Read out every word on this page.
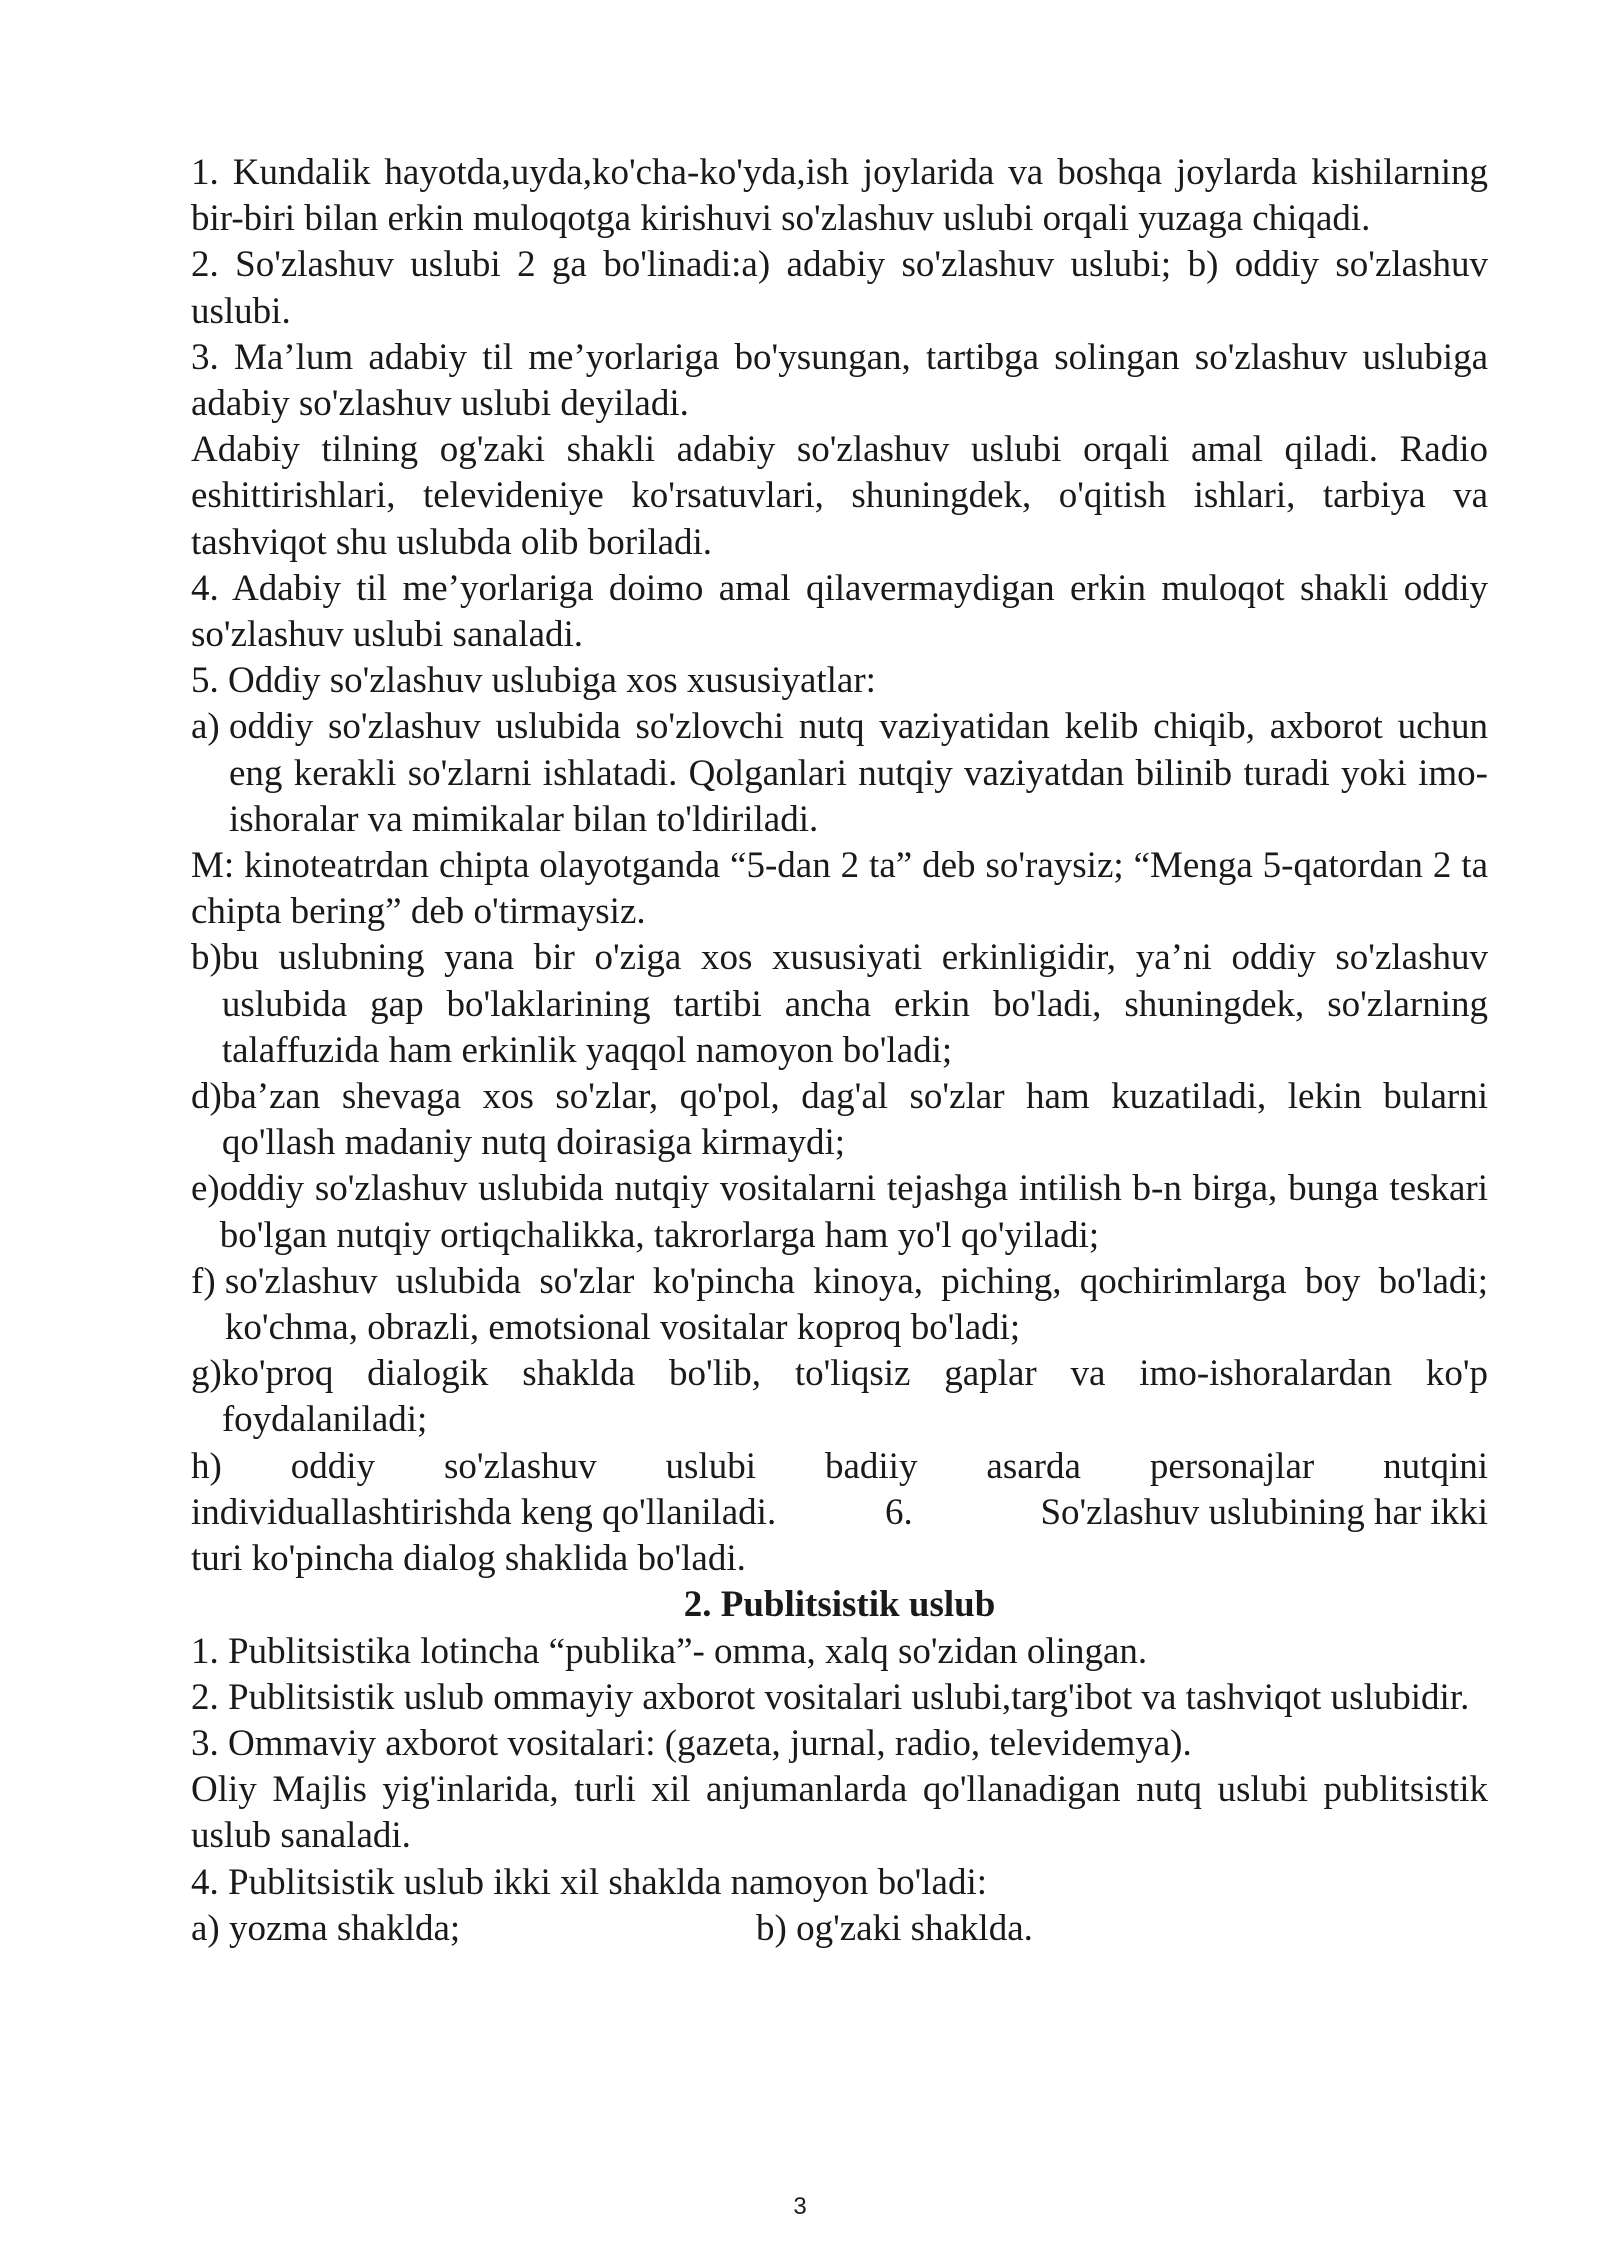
1. Kundalik hayotda,uyda,ko'cha-ko'yda,ish joylarida va boshqa joylarda kishilarning bir-biri bilan erkin muloqotga kirishuvi so'zlashuv uslubi orqali yuzaga chiqadi.

2. So'zlashuv uslubi 2 ga bo'linadi:a) adabiy so'zlashuv uslubi; b) oddiy so'zlashuv uslubi.

3. Ma’lum adabiy til me’yorlariga bo'ysungan, tartibga solingan so'zlashuv uslubiga adabiy so'zlashuv uslubi deyiladi.

Adabiy tilning og'zaki shakli adabiy so'zlashuv uslubi orqali amal qiladi. Radio eshittirishlari, televideniye ko'rsatuvlari, shuningdek, o'qitish ishlari, tarbiya va tashviqot shu uslubda olib boriladi.

4. Adabiy til me’yorlariga doimo amal qilavermaydigan erkin muloqot shakli oddiy so'zlashuv uslubi sanaladi.

5. Oddiy so'zlashuv uslubiga xos xususiyatlar:

a)
oddiy so'zlashuv uslubida so'zlovchi nutq vaziyatidan kelib chiqib, axborot uchun eng kerakli so'zlarni ishlatadi. Qolganlari nutqiy vaziyatdan bilinib turadi yoki imo-ishoralar va mimikalar bilan to'ldiriladi.

M: kinoteatrdan chipta olayotganda “5-dan 2 ta” deb so'raysiz; “Menga 5-qatordan 2 ta chipta bering” deb o'tirmaysiz.

b) bu uslubning yana bir o'ziga xos xususiyati erkinligidir, ya’ni oddiy so'zlashuv uslubida gap bo'laklarining tartibi ancha erkin bo'ladi, shuningdek, so'zlarning talaffuzida ham erkinlik yaqqol namoyon bo'ladi;

d) ba’zan shevaga xos so'zlar, qo'pol, dag'al so'zlar ham kuzatiladi, lekin bularni qo'llash madaniy nutq doirasiga kirmaydi;

e) oddiy so'zlashuv uslubida nutqiy vositalarni tejashga intilish b-n birga, bunga teskari bo'lgan nutqiy ortiqchalikka, takrorlarga ham yo'l qo'yiladi;

f)
so'zlashuv uslubida so'zlar ko'pincha kinoya, piching, qochirimlarga boy bo'ladi; ko'chma, obrazli, emotsional vositalar koproq bo'ladi;

g) ko'proq dialogik shaklda bo'lib, to'liqsiz gaplar va imo-ishoralardan ko'p foydalaniladi;

h) oddiy so'zlashuv uslubi badiiy asarda personajlar nutqini

individuallashtirishda keng qo'llaniladi.	6.	So'zlashuv uslubining har ikki

turi ko'pincha dialog shaklida bo'ladi.

2. Publitsistik uslub

1. Publitsistika lotincha “publika”- omma, xalq so'zidan olingan.

2. Publitsistik uslub ommayiy axborot vositalari uslubi,targ'ibot va tashviqot uslubidir.

3. Ommaviy axborot vositalari: (gazeta, jurnal, radio, televidemya).

Oliy Majlis yig'inlarida, turli xil anjumanlarda qo'llanadigan nutq uslubi publitsistik uslub sanaladi.

4. Publitsistik uslub ikki xil shaklda namoyon bo'ladi:

a) yozma shaklda;	b) og'zaki shaklda.
3
